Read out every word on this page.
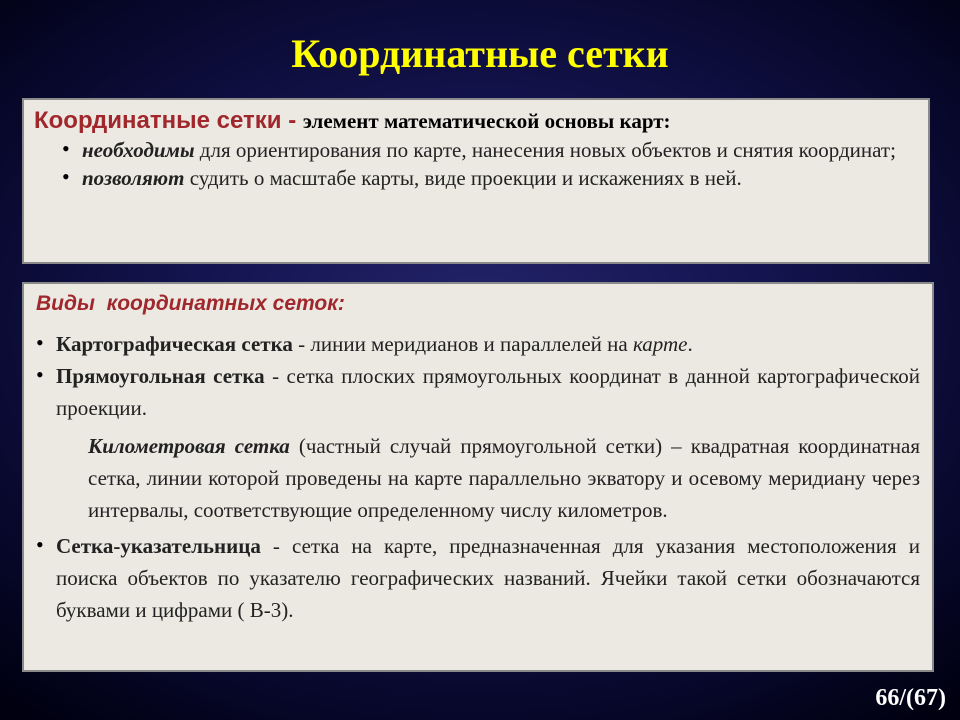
Координатные сетки
Координатные сетки - элемент математической основы карт:
• необходимы для ориентирования по карте, нанесения новых объектов и снятия координат;
• позволяют судить о масштабе карты, виде проекции и искажениях в ней.
Виды  координатных сеток:
• Картографическая сетка - линии меридианов и параллелей на карте.
• Прямоугольная сетка - сетка плоских прямоугольных координат в данной картографической проекции.
Километровая сетка (частный случай прямоугольной сетки) – квадратная координатная сетка, линии которой проведены на карте параллельно экватору и осевому меридиану через интервалы, соответствующие определенному числу километров.
• Сетка-указательница - сетка на карте, предназначенная для указания местоположения и поиска объектов по указателю географических названий. Ячейки такой сетки обозначаются буквами и цифрами ( В-3).
66/(67)
